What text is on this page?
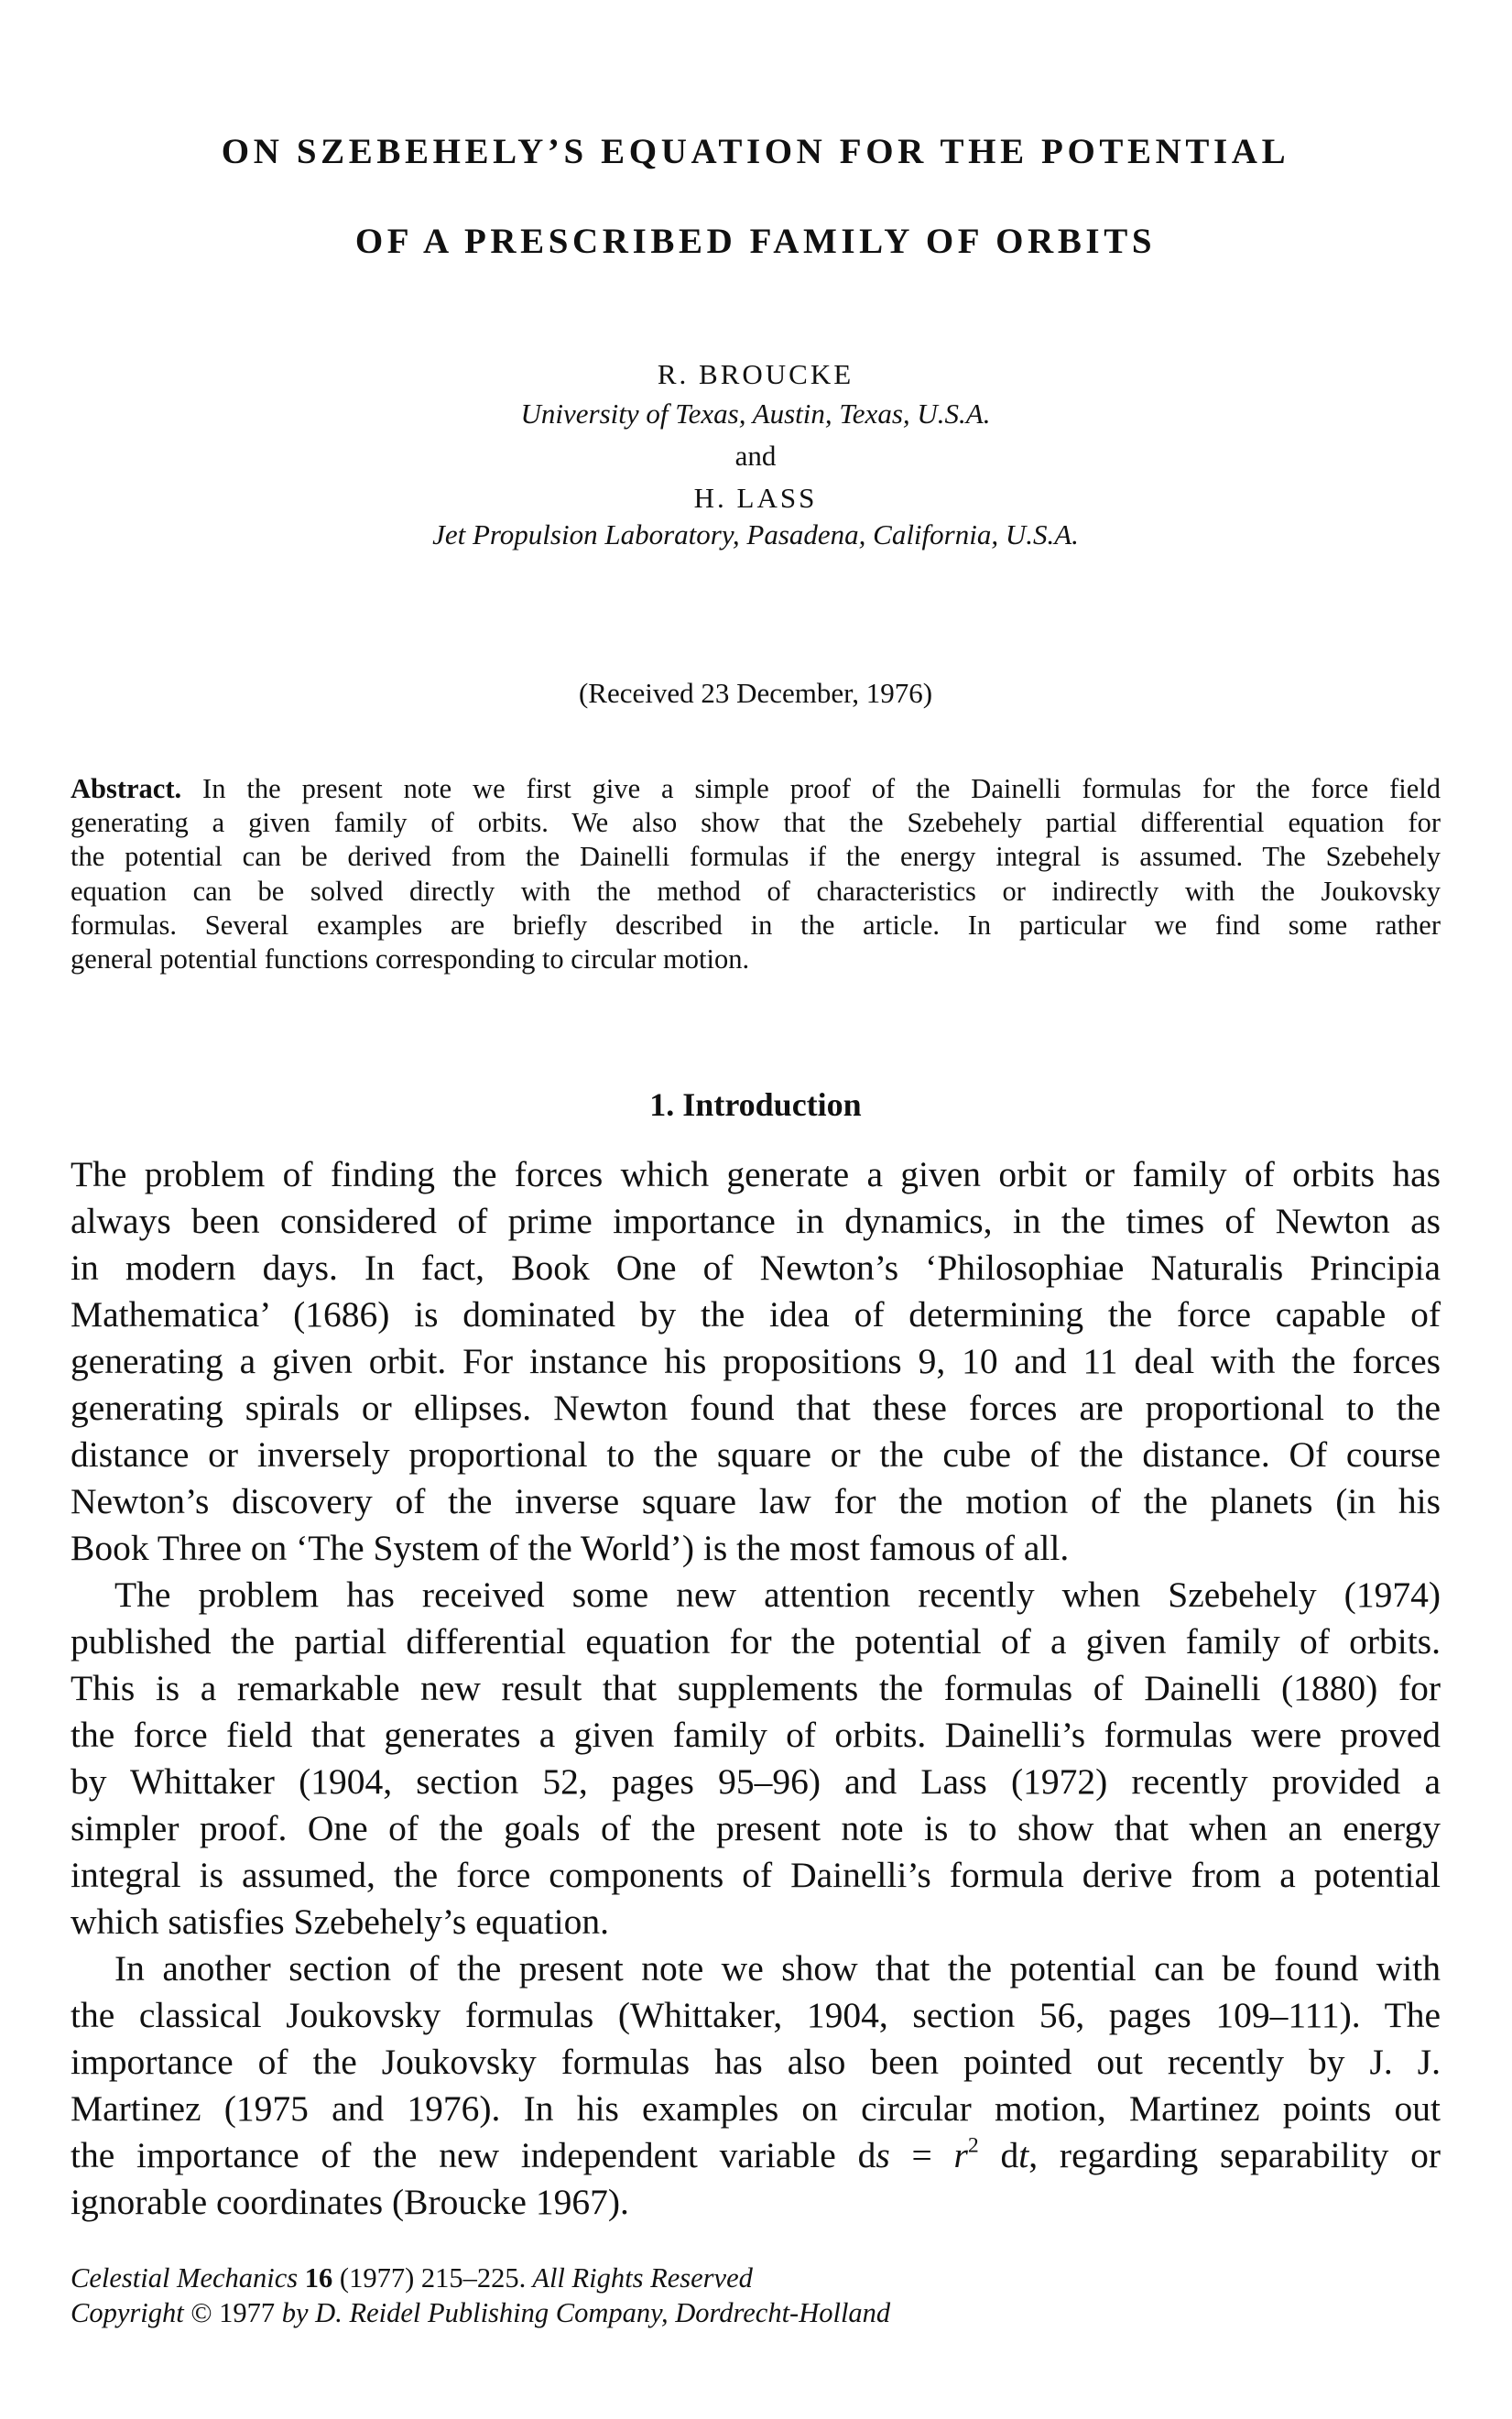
ON SZEBEHELY’S EQUATION FOR THE POTENTIAL
OF A PRESCRIBED FAMILY OF ORBITS
R. BROUCKE
University of Texas, Austin, Texas, U.S.A.
and
H. LASS
Jet Propulsion Laboratory, Pasadena, California, U.S.A.
(Received 23 December, 1976)
Abstract. In the present note we first give a simple proof of the Dainelli formulas for the force field
generating a given family of orbits. We also show that the Szebehely partial differential equation for
the potential can be derived from the Dainelli formulas if the energy integral is assumed. The Szebehely
equation can be solved directly with the method of characteristics or indirectly with the Joukovsky
formulas. Several examples are briefly described in the article. In particular we find some rather
general potential functions corresponding to circular motion.
1. Introduction
The problem of finding the forces which generate a given orbit or family of orbits has
always been considered of prime importance in dynamics, in the times of Newton as
in modern days. In fact, Book One of Newton’s ‘Philosophiae Naturalis Principia
Mathematica’ (1686) is dominated by the idea of determining the force capable of
generating a given orbit. For instance his propositions 9, 10 and 11 deal with the forces
generating spirals or ellipses. Newton found that these forces are proportional to the
distance or inversely proportional to the square or the cube of the distance. Of course
Newton’s discovery of the inverse square law for the motion of the planets (in his
Book Three on ‘The System of the World’) is the most famous of all.
The problem has received some new attention recently when Szebehely (1974)
published the partial differential equation for the potential of a given family of orbits.
This is a remarkable new result that supplements the formulas of Dainelli (1880) for
the force field that generates a given family of orbits. Dainelli’s formulas were proved
by Whittaker (1904, section 52, pages 95–96) and Lass (1972) recently provided a
simpler proof. One of the goals of the present note is to show that when an energy
integral is assumed, the force components of Dainelli’s formula derive from a potential
which satisfies Szebehely’s equation.
In another section of the present note we show that the potential can be found with
the classical Joukovsky formulas (Whittaker, 1904, section 56, pages 109–111). The
importance of the Joukovsky formulas has also been pointed out recently by J. J.
Martinez (1975 and 1976). In his examples on circular motion, Martinez points out
the importance of the new independent variable ds = $r^2$ dt, regarding separability or
ignorable coordinates (Broucke 1967).
Celestial Mechanics 16 (1977) 215–225. All Rights Reserved
Copyright © 1977 by D. Reidel Publishing Company, Dordrecht-Holland
